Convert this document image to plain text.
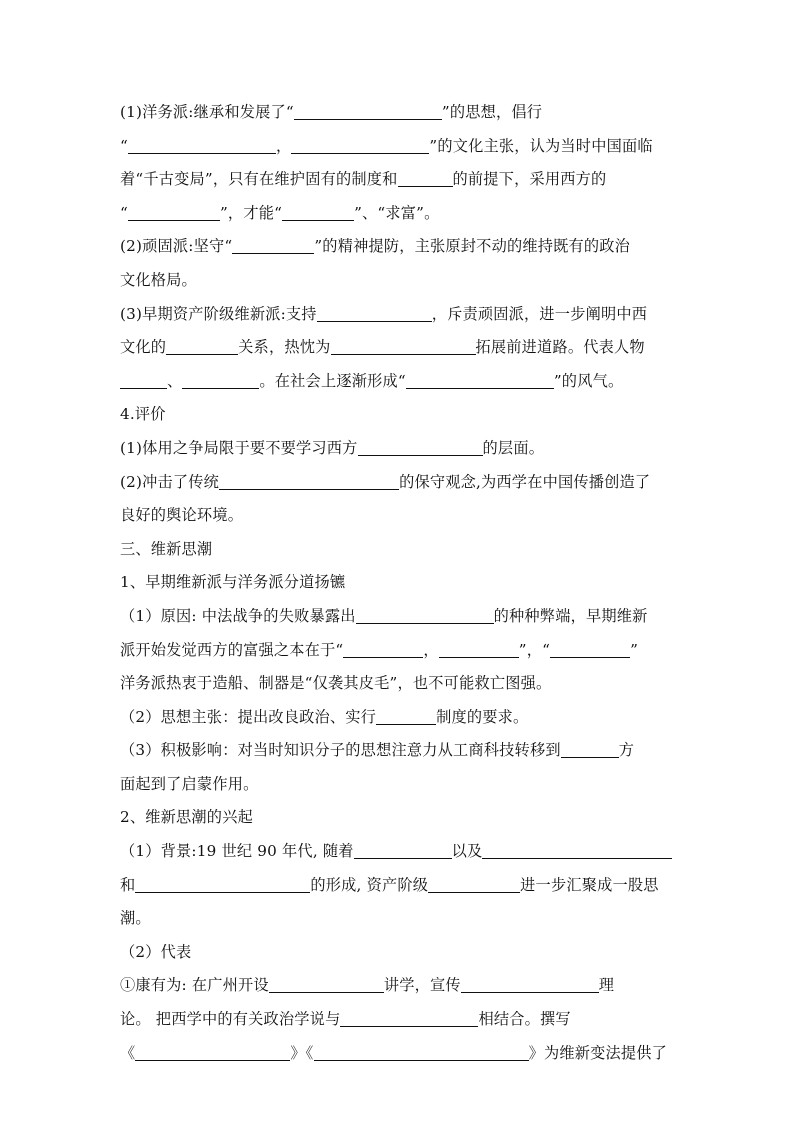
(1)洋务派:继承和发展了“	”的思想，倡行
“	，	”的文化主张，认为当时中国面临
着“千古变局”，只有在维护固有的制度和	的前提下，采用西方的
“	”，才能“	”、“求富”。
(2)顽固派:坚守“	”的精神提防，主张原封不动的维持既有的政治
文化格局。
(3)早期资产阶级维新派:支持	，斥责顽固派，进一步阐明中西
文化的	关系，热忱为	拓展前进道路。代表人物
、	。在社会上逐渐形成“	”的风气。
4.评价
(1)体用之争局限于要不要学习西方	的层面。
(2)冲击了传统	的保守观念,为西学在中国传播创造了
良好的舆论环境。
三、维新思潮
1、早期维新派与洋务派分道扬镳
（1）原因: 中法战争的失败暴露出	的种种弊端，早期维新
派开始发觉西方的富强之本在于“	，	”，“	”
洋务派热衷于造船、制器是“仅袭其皮毛”，也不可能救亡图强。
（2）思想主张：提出改良政治、实行	制度的要求。
（3）积极影响：对当时知识分子的思想注意力从工商科技转移到	方
面起到了启蒙作用。
2、维新思潮的兴起
（1）背景:19 世纪 90 年代, 随着	以及
和	的形成, 资产阶级	进一步汇聚成一股思
潮。
（2）代表
①康有为: 在广州开设	讲学，宣传	理
论。 把西学中的有关政治学说与	相结合。撰写
《	》《	》为维新变法提供了
